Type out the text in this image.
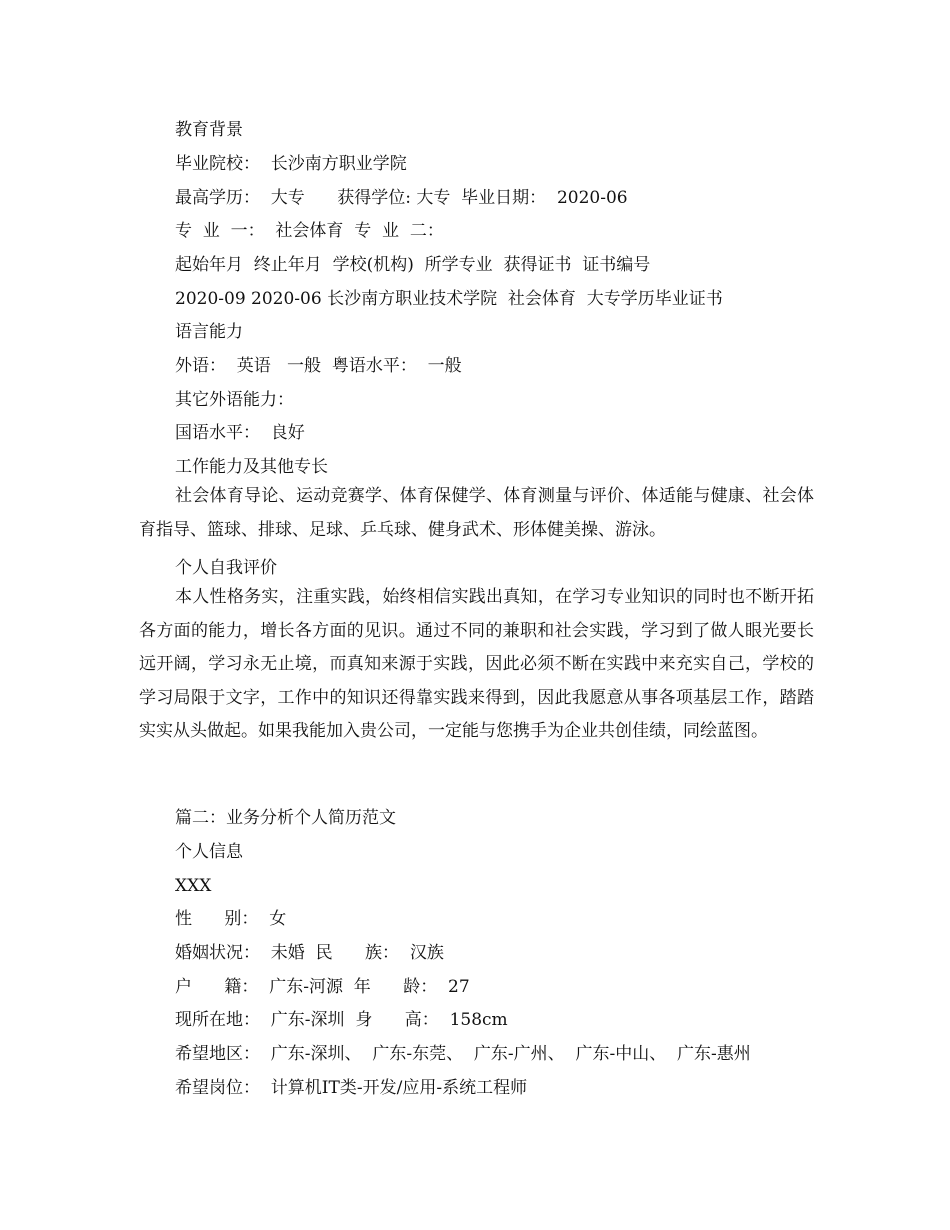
教育背景
毕业院校：  长沙南方职业学院
最高学历：  大专      获得学位: 大专  毕业日期：  2020-06
专  业  一：  社会体育  专  业  二：
起始年月  终止年月  学校(机构)  所学专业  获得证书  证书编号
2020-09 2020-06 长沙南方职业技术学院  社会体育  大专学历毕业证书
语言能力
外语：  英语   一般  粤语水平：  一般
其它外语能力：
国语水平：  良好
工作能力及其他专长

社会体育导论、运动竞赛学、体育保健学、体育测量与评价、体适能与健康、社会体育指导、篮球、排球、足球、乒乓球、健身武术、形体健美操、游泳。

个人自我评价

本人性格务实，注重实践，始终相信实践出真知，在学习专业知识的同时也不断开拓各方面的能力，增长各方面的见识。通过不同的兼职和社会实践，学习到了做人眼光要长远开阔，学习永无止境，而真知来源于实践，因此必须不断在实践中来充实自己，学校的学习局限于文字，工作中的知识还得靠实践来得到，因此我愿意从事各项基层工作，踏踏实实从头做起。如果我能加入贵公司，一定能与您携手为企业共创佳绩，同绘蓝图。

篇二：业务分析个人简历范文
个人信息
XXX
性      别：  女
婚姻状况：  未婚  民      族：  汉族
户      籍：  广东-河源  年      龄：  27
现所在地：  广东-深圳  身      高：  158cm
希望地区：  广东-深圳、  广东-东莞、  广东-广州、  广东-中山、  广东-惠州
希望岗位：  计算机IT类-开发/应用-系统工程师
